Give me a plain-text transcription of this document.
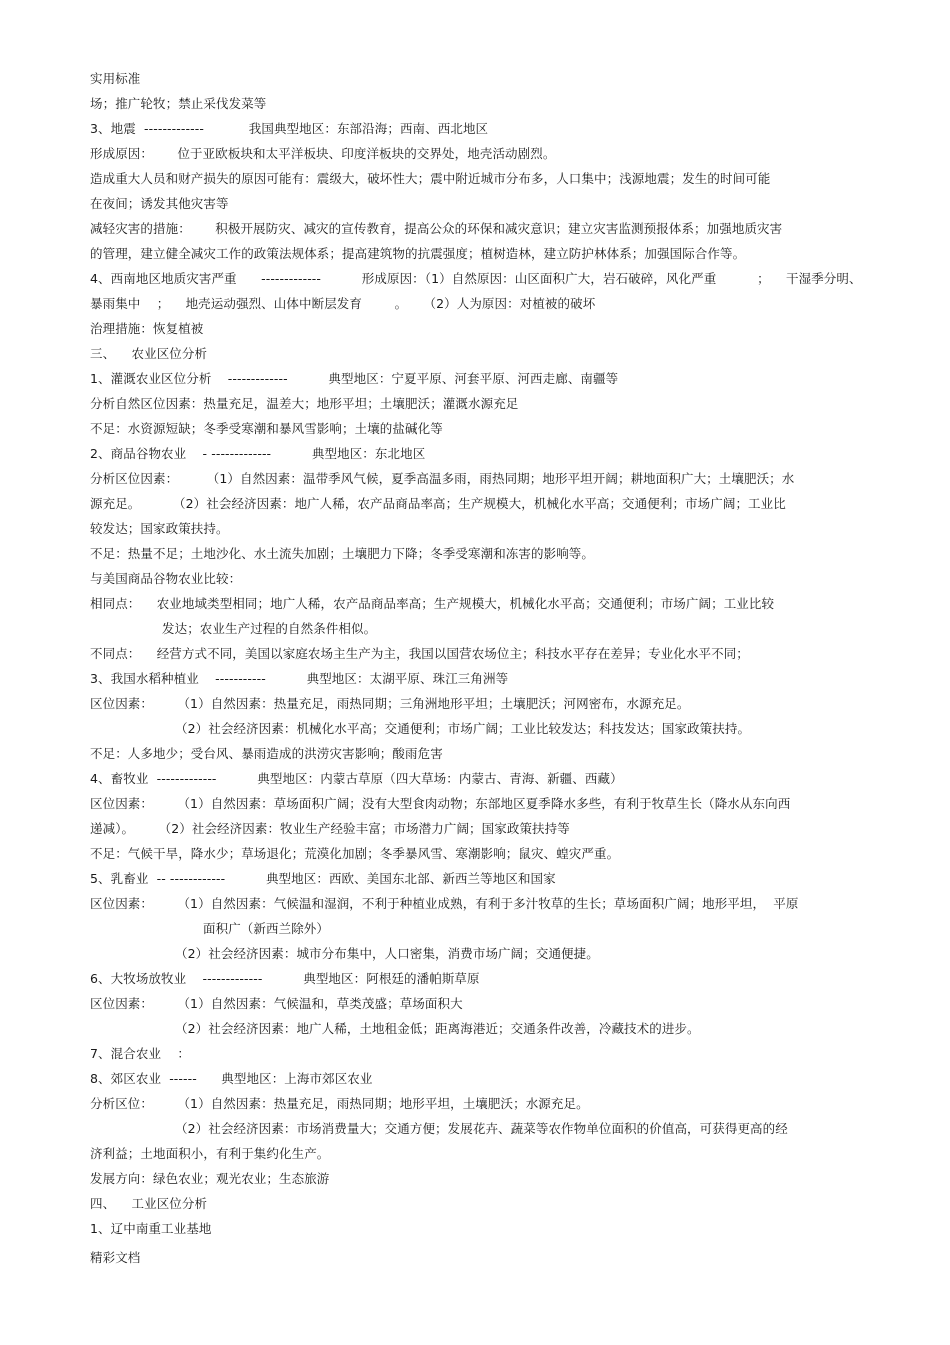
实用标准
场；推广轮牧；禁止采伐发菜等
3、地震  -------------           我国典型地区：东部沿海；西南、西北地区
形成原因：      位于亚欧板块和太平洋板块、印度洋板块的交界处，地壳活动剧烈。
造成重大人员和财产损失的原因可能有：震级大，破坏性大；震中附近城市分布多，人口集中；浅源地震；发生的时间可能
在夜间；诱发其他灾害等
减轻灾害的措施：      积极开展防灾、减灾的宣传教育，提高公众的环保和减灾意识；建立灾害监测预报体系；加强地质灾害
的管理，建立健全减灾工作的政策法规体系；提高建筑物的抗震强度；植树造林，建立防护林体系；加强国际合作等。
4、西南地区地质灾害严重      -------------          形成原因：（1）自然原因：山区面积广大，岩石破碎，风化严重          ；    干湿季分明、
暴雨集中    ；    地壳运动强烈、山体中断层发育        。    （2）人为原因：对植被的破坏
治理措施：恢复植被
三、    农业区位分析
1、灌溉农业区位分析    -------------          典型地区：宁夏平原、河套平原、河西走廊、南疆等
分析自然区位因素：热量充足，温差大；地形平坦；土壤肥沃；灌溉水源充足
不足：水资源短缺；冬季受寒潮和暴风雪影响；土壤的盐碱化等
2、商品谷物农业    - -------------          典型地区：东北地区
分析区位因素：       （1）自然因素：温带季风气候，夏季高温多雨，雨热同期；地形平坦开阔；耕地面积广大；土壤肥沃；水
源充足。        （2）社会经济因素：地广人稀，农产品商品率高；生产规模大，机械化水平高；交通便利；市场广阔；工业比
较发达；国家政策扶持。
不足：热量不足；土地沙化、水土流失加剧；土壤肥力下降；冬季受寒潮和冻害的影响等。
与美国商品谷物农业比较：
相同点：    农业地域类型相同；地广人稀，农产品商品率高；生产规模大，机械化水平高；交通便利；市场广阔；工业比较
发达；农业生产过程的自然条件相似。
不同点：    经营方式不同，美国以家庭农场主生产为主，我国以国营农场位主；科技水平存在差异；专业化水平不同；
3、我国水稻种植业    -----------          典型地区：太湖平原、珠江三角洲等
区位因素：      （1）自然因素：热量充足，雨热同期；三角洲地形平坦；土壤肥沃；河网密布，水源充足。
（2）社会经济因素：机械化水平高；交通便利；市场广阔；工业比较发达；科技发达；国家政策扶持。
不足：人多地少；受台风、暴雨造成的洪涝灾害影响；酸雨危害
4、畜牧业  -------------          典型地区：内蒙古草原（四大草场：内蒙古、青海、新疆、西藏）
区位因素：      （1）自然因素：草场面积广阔；没有大型食肉动物；东部地区夏季降水多些，有利于牧草生长（降水从东向西
递减）。      （2）社会经济因素：牧业生产经验丰富；市场潜力广阔；国家政策扶持等
不足：气候干旱，降水少；草场退化；荒漠化加剧；冬季暴风雪、寒潮影响；鼠灾、蝗灾严重。
5、乳畜业  -- ------------          典型地区：西欧、美国东北部、新西兰等地区和国家
区位因素：      （1）自然因素：气候温和湿润，不利于种植业成熟，有利于多汁牧草的生长；草场面积广阔；地形平坦，  平原
面积广（新西兰除外）
（2）社会经济因素：城市分布集中，人口密集，消费市场广阔；交通便捷。
6、大牧场放牧业    -------------          典型地区：阿根廷的潘帕斯草原
区位因素：      （1）自然因素：气候温和，草类茂盛；草场面积大
（2）社会经济因素：地广人稀，土地租金低；距离海港近；交通条件改善，冷藏技术的进步。
7、混合农业    ：
8、郊区农业  ------      典型地区：上海市郊区农业
分析区位：      （1）自然因素：热量充足，雨热同期；地形平坦，土壤肥沃；水源充足。
（2）社会经济因素：市场消费量大；交通方便；发展花卉、蔬菜等农作物单位面积的价值高，可获得更高的经
济利益；土地面积小，有利于集约化生产。
发展方向：绿色农业；观光农业；生态旅游
四、    工业区位分析
1、辽中南重工业基地
精彩文档
